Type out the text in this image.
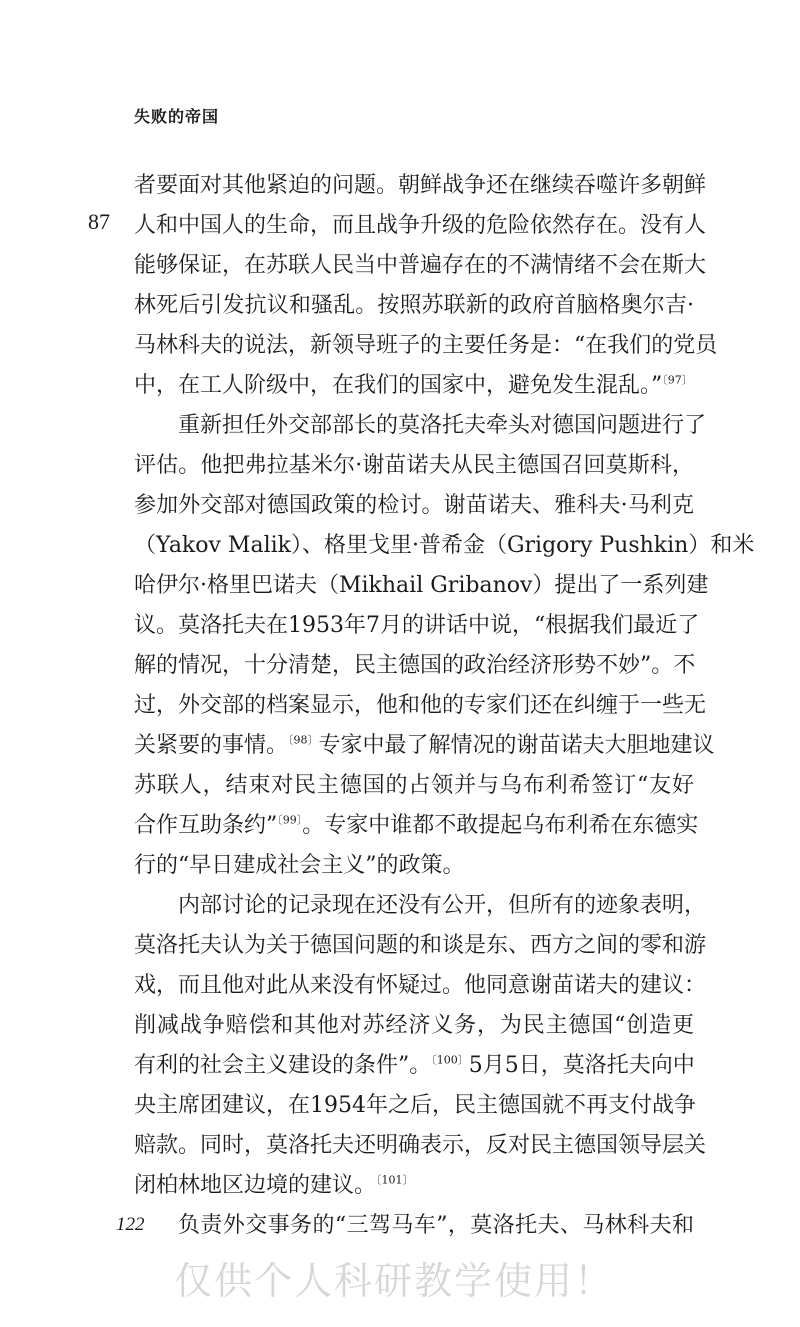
失败的帝国
87
者要面对其他紧迫的问题。朝鲜战争还在继续吞噬许多朝鲜
人和中国人的生命，而且战争升级的危险依然存在。没有人
能够保证，在苏联人民当中普遍存在的不满情绪不会在斯大
林死后引发抗议和骚乱。按照苏联新的政府首脑格奥尔吉·
马林科夫的说法，新领导班子的主要任务是：“在我们的党员
中，在工人阶级中，在我们的国家中，避免发生混乱。”$^{〔97〕}$
重新担任外交部部长的莫洛托夫牵头对德国问题进行了
评估。他把弗拉基米尔·谢苗诺夫从民主德国召回莫斯科，
参加外交部对德国政策的检讨。谢苗诺夫、雅科夫·马利克
（Yakov Malik）、格里戈里·普希金（Grigory Pushkin）和米
哈伊尔·格里巴诺夫（Mikhail Gribanov）提出了一系列建
议。莫洛托夫在1953年7月的讲话中说，“根据我们最近了
解的情况，十分清楚，民主德国的政治经济形势不妙”。不
过，外交部的档案显示，他和他的专家们还在纠缠于一些无
关紧要的事情。$^{〔98〕}$专家中最了解情况的谢苗诺夫大胆地建议
苏联人，结束对民主德国的占领并与乌布利希签订“友好
合作互助条约”$^{〔99〕}$。专家中谁都不敢提起乌布利希在东德实
行的“早日建成社会主义”的政策。
内部讨论的记录现在还没有公开，但所有的迹象表明，
莫洛托夫认为关于德国问题的和谈是东、西方之间的零和游
戏，而且他对此从来没有怀疑过。他同意谢苗诺夫的建议：
削减战争赔偿和其他对苏经济义务，为民主德国“创造更
有利的社会主义建设的条件”。$^{〔100〕}$5月5日，莫洛托夫向中
央主席团建议，在1954年之后，民主德国就不再支付战争
赔款。同时，莫洛托夫还明确表示，反对民主德国领导层关
闭柏林地区边境的建议。$^{〔101〕}$
负责外交事务的“三驾马车”，莫洛托夫、马林科夫和
122
仅供个人科研教学使用！
